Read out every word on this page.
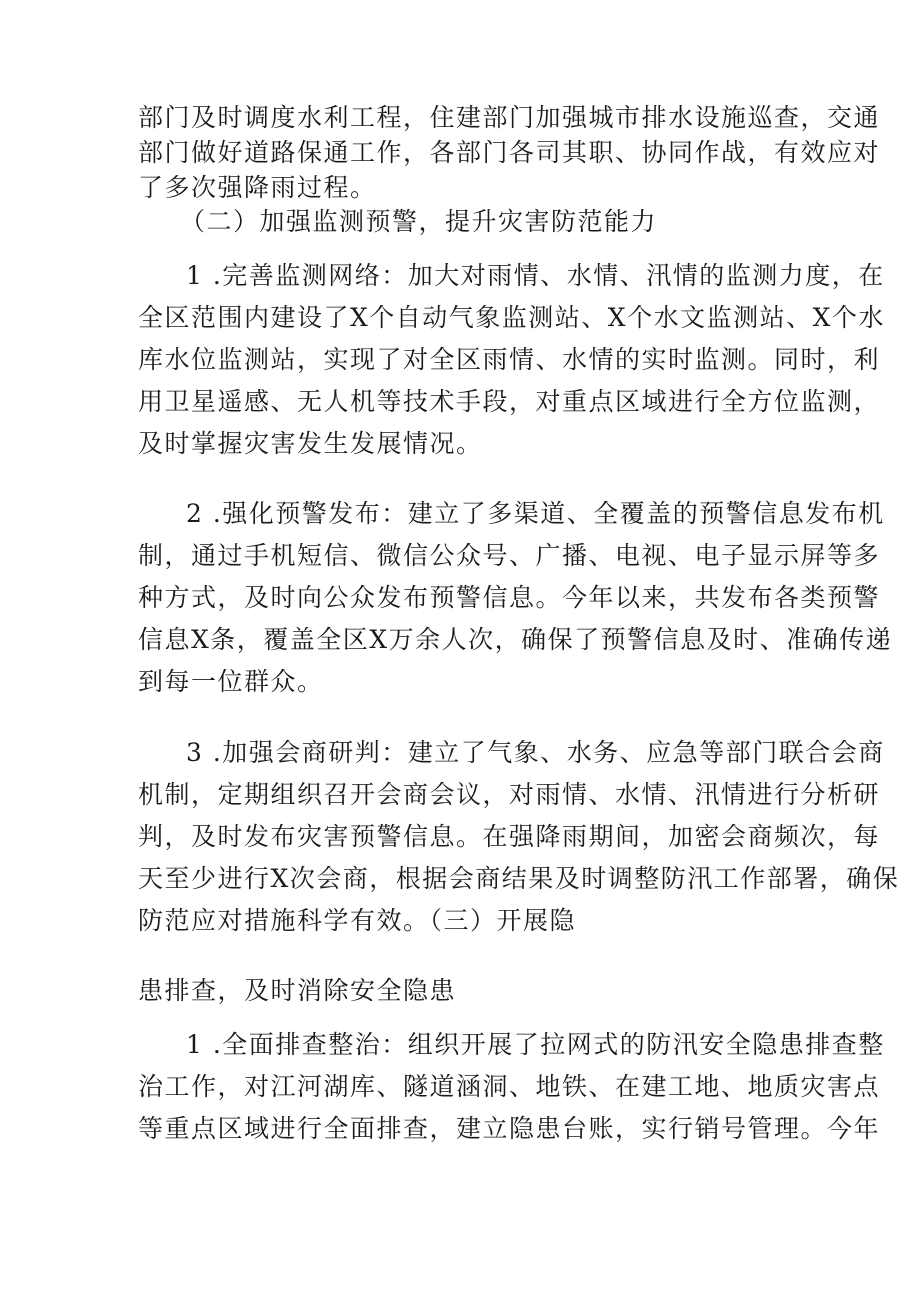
部门及时调度水利工程，住建部门加强城市排水设施巡查，交通
部门做好道路保通工作，各部门各司其职、协同作战，有效应对
了多次强降雨过程。
（二）加强监测预警，提升灾害防范能力
1 .完善监测网络：加大对雨情、水情、汛情的监测力度，在
全区范围内建设了X个自动气象监测站、X个水文监测站、X个水
库水位监测站，实现了对全区雨情、水情的实时监测。同时，利
用卫星遥感、无人机等技术手段，对重点区域进行全方位监测，
及时掌握灾害发生发展情况。
2 .强化预警发布：建立了多渠道、全覆盖的预警信息发布机
制，通过手机短信、微信公众号、广播、电视、电子显示屏等多
种方式，及时向公众发布预警信息。今年以来，共发布各类预警
信息X条，覆盖全区X万余人次，确保了预警信息及时、准确传递
到每一位群众。
3 .加强会商研判：建立了气象、水务、应急等部门联合会商
机制，定期组织召开会商会议，对雨情、水情、汛情进行分析研
判，及时发布灾害预警信息。在强降雨期间，加密会商频次，每
天至少进行X次会商，根据会商结果及时调整防汛工作部署，确保
防范应对措施科学有效。（三）开展隐
患排查，及时消除安全隐患
1 .全面排查整治：组织开展了拉网式的防汛安全隐患排查整
治工作，对江河湖库、隧道涵洞、地铁、在建工地、地质灾害点
等重点区域进行全面排查，建立隐患台账，实行销号管理。今年
